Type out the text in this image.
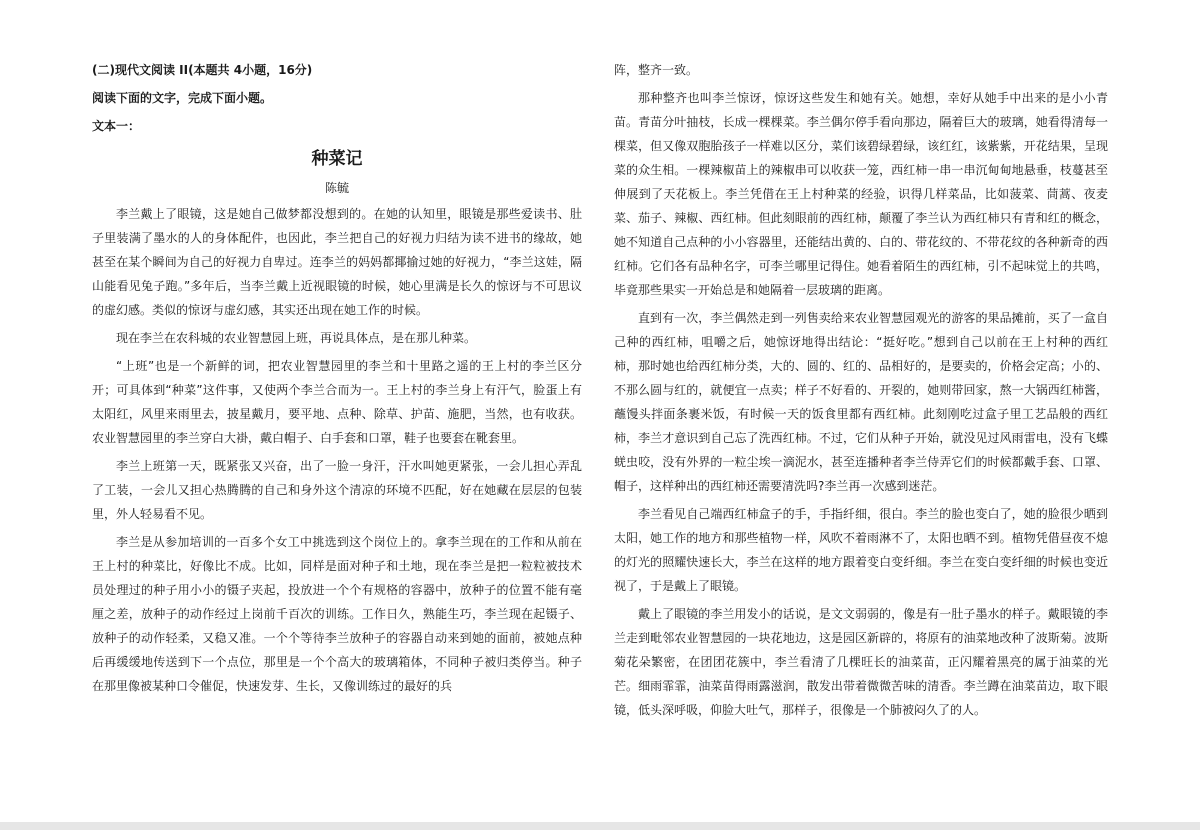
(二)现代文阅读 II(本题共 4小题，16分)

阅读下面的文字，完成下面小题。

文本一：

种菜记
陈毓

李兰戴上了眼镜，这是她自己做梦都没想到的。在她的认知里，眼镜是那些爱读书、肚子里装满了墨水的人的身体配件，也因此，李兰把自己的好视力归结为读不进书的缘故，她甚至在某个瞬间为自己的好视力自卑过。连李兰的妈妈都揶揄过她的好视力，“李兰这娃，隔山能看见兔子跑。”多年后，当李兰戴上近视眼镜的时候，她心里满是长久的惊讶与不可思议的虚幻感。类似的惊讶与虚幻感，其实还出现在她工作的时候。

现在李兰在农科城的农业智慧园上班，再说具体点，是在那儿种菜。

“上班”也是一个新鲜的词，把农业智慧园里的李兰和十里路之遥的王上村的李兰区分开；可具体到“种菜”这件事，又使两个李兰合而为一。王上村的李兰身上有汗气，脸蛋上有太阳红，风里来雨里去，披星戴月，要平地、点种、除草、护苗、施肥，当然，也有收获。农业智慧园里的李兰穿白大褂，戴白帽子、白手套和口罩，鞋子也要套在靴套里。

李兰上班第一天，既紧张又兴奋，出了一脸一身汗，汗水叫她更紧张，一会儿担心弄乱了工装，一会儿又担心热腾腾的自己和身外这个清凉的环境不匹配，好在她藏在层层的包装里，外人轻易看不见。

李兰是从参加培训的一百多个女工中挑选到这个岗位上的。拿李兰现在的工作和从前在王上村的种菜比，好像比不成。比如，同样是面对种子和土地，现在李兰是把一粒粒被技术员处理过的种子用小小的镊子夹起，投放进一个个有规格的容器中，放种子的位置不能有毫厘之差，放种子的动作经过上岗前千百次的训练。工作日久，熟能生巧，李兰现在起镊子、放种子的动作轻柔，又稳又准。一个个等待李兰放种子的容器自动来到她的面前，被她点种后再缓缓地传送到下一个点位，那里是一个个高大的玻璃箱体，不同种子被归类停当。种子在那里像被某种口令催促，快速发芽、生长，又像训练过的最好的兵

阵，整齐一致。

那种整齐也叫李兰惊讶，惊讶这些发生和她有关。她想，幸好从她手中出来的是小小青苗。青苗分叶抽枝，长成一棵棵菜。李兰偶尔停手看向那边，隔着巨大的玻璃，她看得清每一棵菜，但又像双胞胎孩子一样难以区分，菜们该碧绿碧绿，该红红，该紫紫，开花结果，呈现菜的众生相。一棵辣椒苗上的辣椒串可以收获一笼，西红柿一串一串沉甸甸地悬垂，枝蔓甚至伸展到了天花板上。李兰凭借在王上村种菜的经验，识得几样菜品，比如菠菜、茼蒿、夜麦菜、茄子、辣椒、西红柿。但此刻眼前的西红柿，颠覆了李兰认为西红柿只有青和红的概念，她不知道自己点种的小小容器里，还能结出黄的、白的、带花纹的、不带花纹的各种新奇的西红柿。它们各有品种名字，可李兰哪里记得住。她看着陌生的西红柿，引不起味觉上的共鸣，毕竟那些果实一开始总是和她隔着一层玻璃的距离。

直到有一次，李兰偶然走到一列售卖给来农业智慧园观光的游客的果品摊前，买了一盒自己种的西红柿，咀嚼之后，她惊讶地得出结论：“挺好吃。”想到自己以前在王上村种的西红柿，那时她也给西红柿分类，大的、圆的、红的、品相好的，是要卖的，价格会定高；小的、不那么圆与红的，就便宜一点卖；样子不好看的、开裂的，她则带回家，熬一大锅西红柿酱，蘸馒头拌面条裹米饭，有时候一天的饭食里都有西红柿。此刻刚吃过盒子里工艺品般的西红柿，李兰才意识到自己忘了洗西红柿。不过，它们从种子开始，就没见过风雨雷电，没有飞蝶蜣虫咬，没有外界的一粒尘埃一滴泥水，甚至连播种者李兰侍弄它们的时候都戴手套、口罩、帽子，这样种出的西红柿还需要清洗吗?李兰再一次感到迷茫。

李兰看见自己端西红柿盒子的手，手指纤细，很白。李兰的脸也变白了，她的脸很少晒到太阳，她工作的地方和那些植物一样，风吹不着雨淋不了，太阳也晒不到。植物凭借昼夜不熄的灯光的照耀快速长大，李兰在这样的地方跟着变白变纤细。李兰在变白变纤细的时候也变近视了，于是戴上了眼镜。

戴上了眼镜的李兰用发小的话说，是文文弱弱的，像是有一肚子墨水的样子。戴眼镜的李兰走到毗邻农业智慧园的一块花地边，这是园区新辟的，将原有的油菜地改种了波斯菊。波斯菊花朵繁密，在团团花簇中，李兰看清了几棵旺长的油菜苗，正闪耀着黑亮的属于油菜的光芒。细雨霏霏，油菜苗得雨露滋润，散发出带着微微苦味的清香。李兰蹲在油菜苗边，取下眼镜，低头深呼吸，仰脸大吐气，那样子，很像是一个肺被闷久了的人。
